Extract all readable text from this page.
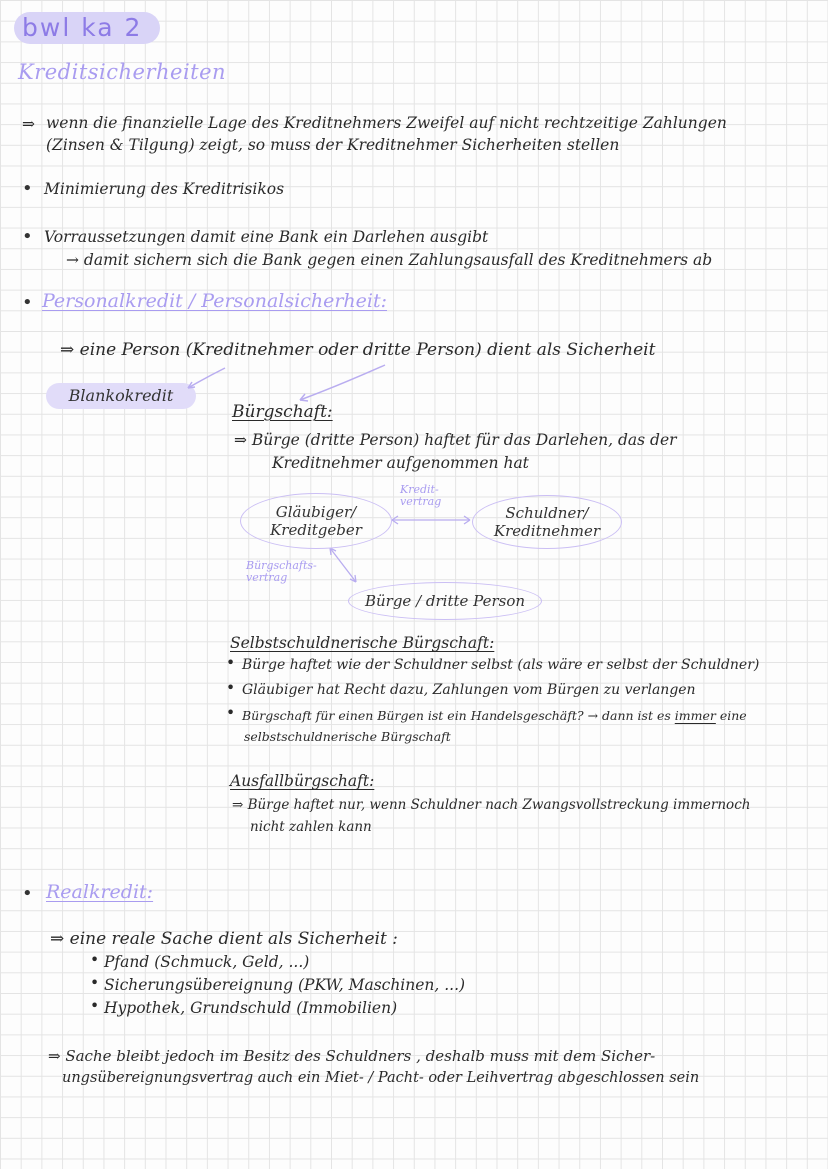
bwl ka 2
Kreditsicherheiten
⇒ wenn die finanzielle Lage des Kreditnehmers Zweifel auf nicht rechtzeitige Zahlungen
(Zinsen & Tilgung) zeigt, so muss der Kreditnehmer Sicherheiten stellen
• Minimierung des Kreditrisikos
• Vorraussetzungen damit eine Bank ein Darlehen ausgibt
→ damit sichern sich die Bank gegen einen Zahlungsausfall des Kreditnehmers ab
• Personalkredit / Personalsicherheit:
⇒ eine Person (Kreditnehmer oder dritte Person) dient als Sicherheit
Blankokredit
Bürgschaft:
⇒ Bürge (dritte Person) haftet für das Darlehen, das der
Kreditnehmer aufgenommen hat
Gläubiger/
Kreditgeber
Schuldner/
Kreditnehmer
Bürge / dritte Person
Kredit-
vertrag
Bürgschafts-
vertrag
Selbstschuldnerische Bürgschaft:
• Bürge haftet wie der Schuldner selbst (als wäre er selbst der Schuldner)
• Gläubiger hat Recht dazu, Zahlungen vom Bürgen zu verlangen
• Bürgschaft für einen Bürgen ist ein Handelsgeschäft? → dann ist es immer eine
selbstschuldnerische Bürgschaft
Ausfallbürgschaft:
⇒ Bürge haftet nur, wenn Schuldner nach Zwangsvollstreckung immernoch
nicht zahlen kann
• Realkredit:
⇒ eine reale Sache dient als Sicherheit :
• Pfand (Schmuck, Geld, ...)
• Sicherungsübereignung (PKW, Maschinen, ...)
• Hypothek, Grundschuld (Immobilien)
⇒ Sache bleibt jedoch im Besitz des Schuldners , deshalb muss mit dem Sicher-
ungsübereignungsvertrag auch ein Miet- / Pacht- oder Leihvertrag abgeschlossen sein
